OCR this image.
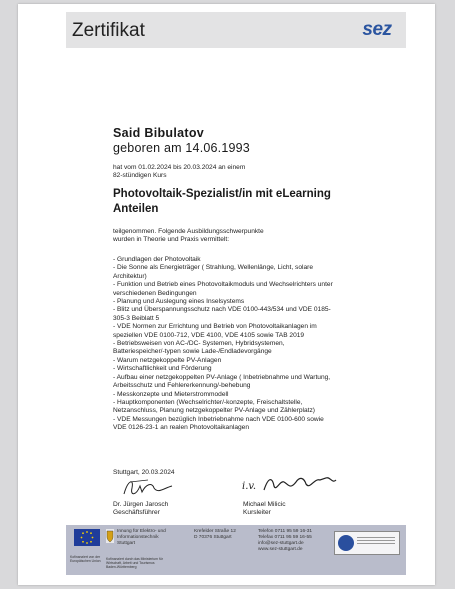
Zertifikat	sez
Said Bibulatov
geboren am 14.06.1993
hat vom 01.02.2024 bis 20.03.2024 an einem
82-stündigen Kurs
Photovoltaik-Spezialist/in mit eLearning
Anteilen
teilgenommen. Folgende Ausbildungsschwerpunkte
wurden in Theorie und Praxis vermittelt:
- Grundlagen der Photovoltaik
- Die Sonne als Energieträger ( Strahlung, Wellenlänge, Licht, solare
Architektur)
- Funktion und Betrieb eines Photovoltaikmoduls und Wechselrichters unter
verschiedenen Bedingungen
- Planung und Auslegung eines Inselsystems
- Blitz und Überspannungsschutz nach VDE 0100-443/534 und VDE 0185-
305-3 Beiblatt 5
- VDE Normen zur Errichtung und Betrieb von Photovoltaikanlagen im
speziellen VDE 0100-712, VDE 4100, VDE 4105 sowie TAB 2019
- Betriebsweisen von AC-/DC- Systemen, Hybridsystemen,
Batteriespeicher/-typen sowie Lade-/Endladevorgänge
- Warum netzgekoppelte PV-Anlagen
- Wirtschaftlichkeit und Förderung
- Aufbau einer netzgekoppelten PV-Anlage ( Inbetriebnahme und Wartung,
Arbeitsschutz und Fehlererkennung/-behebung
- Messkonzepte und Mieterstrommodell
- Hauptkomponenten (Wechselrichter/-konzepte, Freischaltstelle,
Netzanschluss, Planung netzgekoppelter PV-Anlage und Zählerplatz)
- VDE Messungen bezüglich Inbetriebnahme nach VDE 0100-600 sowie
VDE 0126-23-1 an realen Photovoltaikanlagen
Stuttgart, 20.03.2024
i.v.
Dr. Jürgen Jarosch
Geschäftsführer
Michael Milicic
Kursleiter
Kofinanziert von der Europäischen Union	Kofinanziert durch das Ministerium für Wirtschaft, Arbeit und Tourismus Baden-Württemberg
Innung für Elektro- und
Informationstechnik
Stuttgart
Krefelder Straße 12
D 70376 Stuttgart
Telefon 0711 95 59 16-31
Telefax 0711 95 59 16-55
info@sez-stuttgart.de
www.sez-stuttgart.de
